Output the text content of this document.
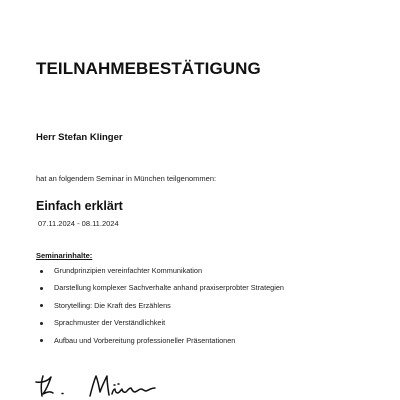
TEILNAHMEBESTÄTIGUNG
Herr Stefan Klinger
hat an folgendem Seminar in München teilgenommen:
Einfach erklärt
07.11.2024 - 08.11.2024
Seminarinhalte:
Grundprinzipien vereinfachter Kommunikation
Darstellung komplexer Sachverhalte anhand praxiserprobter Strategien
Storytelling: Die Kraft des Erzählens
Sprachmuster der Verständlichkeit
Aufbau und Vorbereitung professioneller Präsentationen
